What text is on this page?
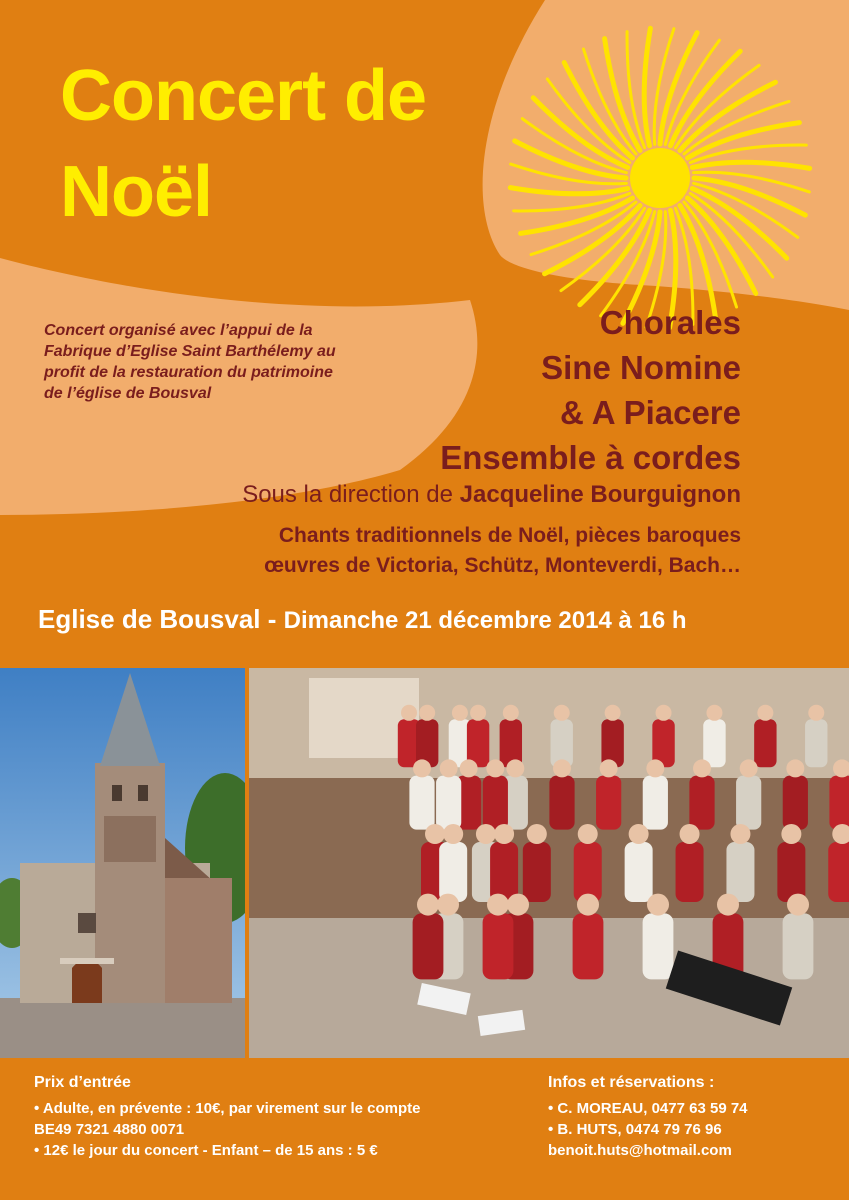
Concert de
Noël
Concert organisé avec l’appui de la
Fabrique d’Eglise Saint Barthélemy au
profit de la restauration du patrimoine
de l’église de Bousval
Chorales
Sine Nomine
& A Piacere
Ensemble à cordes
Sous la direction de Jacqueline Bourguignon
Chants traditionnels de Noël, pièces baroques
œuvres de Victoria, Schütz, Monteverdi, Bach…
Eglise de Bousval - Dimanche 21 décembre 2014 à 16 h
Prix d’entrée
• Adulte, en prévente : 10€, par virement sur le compte
BE49 7321 4880 0071
• 12€ le jour du concert - Enfant – de 15 ans : 5 €
Infos et réservations :
• C. MOREAU, 0477 63 59 74
• B. HUTS, 0474 79 76 96
benoit.huts@hotmail.com
